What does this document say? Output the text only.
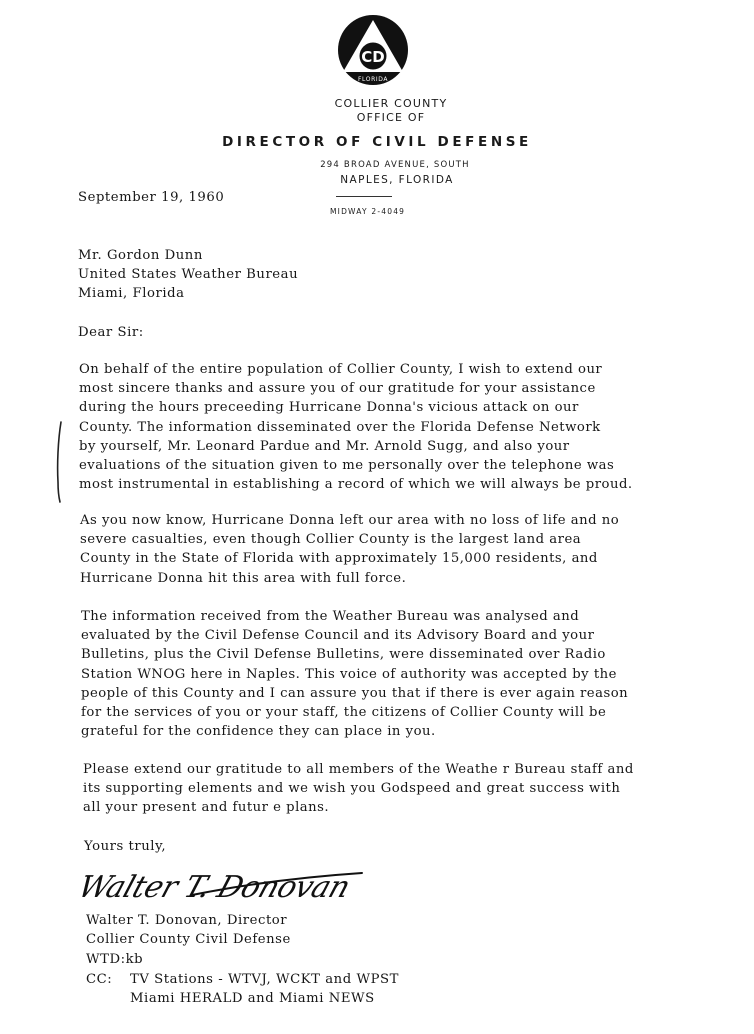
CD
FLORIDA
COLLIER COUNTY
OFFICE OF
DIRECTOR OF CIVIL DEFENSE
294 BROAD AVENUE, SOUTH
NAPLES, FLORIDA
MIDWAY 2-4049
September 19, 1960
Mr. Gordon Dunn
United States Weather Bureau
Miami, Florida
Dear Sir:
On behalf of the entire population of Collier County, I wish to extend our
most sincere thanks and assure you of our gratitude for your assistance
during the hours preceeding Hurricane Donna's vicious attack on our
County. The information disseminated over the Florida Defense Network
by yourself, Mr. Leonard Pardue and Mr. Arnold Sugg, and also your
evaluations of the situation given to me personally over the telephone was
most instrumental in establishing a record of which we will always be proud.
As you now know, Hurricane Donna left our area with no loss of life and no
severe casualties, even though Collier County is the largest land area
County in the State of Florida with approximately 15,000 residents, and
Hurricane Donna hit this area with full force.
The information received from the Weather Bureau was analysed and
evaluated by the Civil Defense Council and its Advisory Board and your
Bulletins, plus the Civil Defense Bulletins, were disseminated over Radio
Station WNOG here in Naples. This voice of authority was accepted by the
people of this County and I can assure you that if there is ever again reason
for the services of you or your staff, the citizens of Collier County will be
grateful for the confidence they can place in you.
Please extend our gratitude to all members of the Weathe r Bureau staff and
its supporting elements and we wish you Godspeed and great success with
all your present and futur e plans.
Yours truly,
Walter T. Donovan
Walter T. Donovan, Director
Collier County Civil Defense
WTD:kb
CC: TV Stations - WTVJ, WCKT and WPST
Miami HERALD and Miami NEWS
